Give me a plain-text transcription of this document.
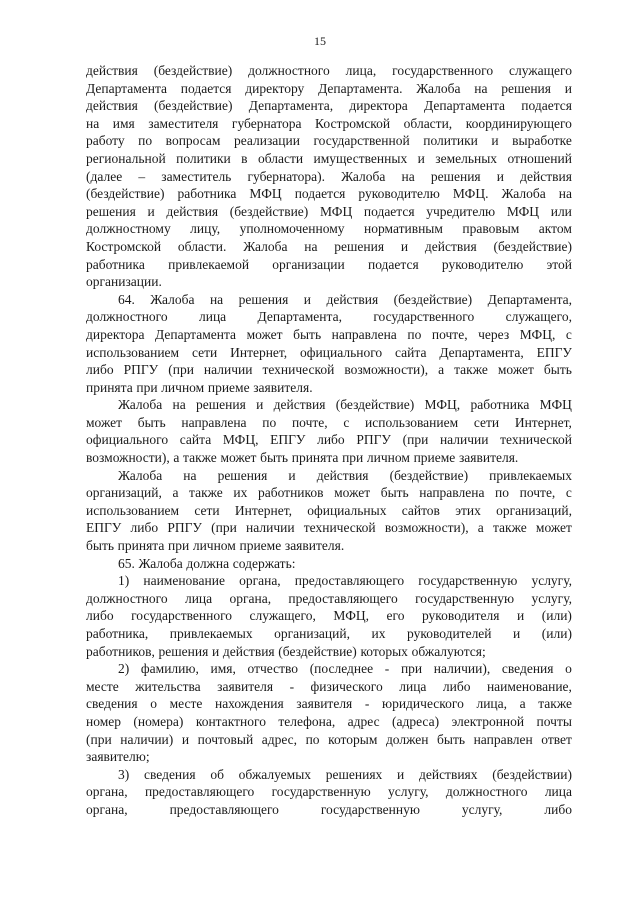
15
действия (бездействие) должностного лица, государственного служащего
Департамента подается директору Департамента. Жалоба на решения и
действия (бездействие) Департамента, директора Департамента подается
на имя заместителя губернатора Костромской области, координирующего
работу по вопросам реализации государственной политики и выработке
региональной политики в области имущественных и земельных отношений
(далее – заместитель губернатора). Жалоба на решения и действия
(бездействие) работника МФЦ подается руководителю МФЦ. Жалоба на
решения и действия (бездействие) МФЦ подается учредителю МФЦ или
должностному лицу, уполномоченному нормативным правовым актом
Костромской области. Жалоба на решения и действия (бездействие)
работника привлекаемой организации подается руководителю этой
организации.
64. Жалоба на решения и действия (бездействие) Департамента,
должностного лица Департамента, государственного служащего,
директора Департамента может быть направлена по почте, через МФЦ, с
использованием сети Интернет, официального сайта Департамента, ЕПГУ
либо РПГУ (при наличии технической возможности), а также может быть
принята при личном приеме заявителя.
Жалоба на решения и действия (бездействие) МФЦ, работника МФЦ
может быть направлена по почте, с использованием сети Интернет,
официального сайта МФЦ, ЕПГУ либо РПГУ (при наличии технической
возможности), а также может быть принята при личном приеме заявителя.
Жалоба на решения и действия (бездействие) привлекаемых
организаций, а также их работников может быть направлена по почте, с
использованием сети Интернет, официальных сайтов этих организаций,
ЕПГУ либо РПГУ (при наличии технической возможности), а также может
быть принята при личном приеме заявителя.
65. Жалоба должна содержать:
1) наименование органа, предоставляющего государственную услугу,
должностного лица органа, предоставляющего государственную услугу,
либо государственного служащего, МФЦ, его руководителя и (или)
работника, привлекаемых организаций, их руководителей и (или)
работников, решения и действия (бездействие) которых обжалуются;
2) фамилию, имя, отчество (последнее - при наличии), сведения о
месте жительства заявителя - физического лица либо наименование,
сведения о месте нахождения заявителя - юридического лица, а также
номер (номера) контактного телефона, адрес (адреса) электронной почты
(при наличии) и почтовый адрес, по которым должен быть направлен ответ
заявителю;
3) сведения об обжалуемых решениях и действиях (бездействии)
органа, предоставляющего государственную услугу, должностного лица
органа,	предоставляющего	государственную	услугу,	либо
